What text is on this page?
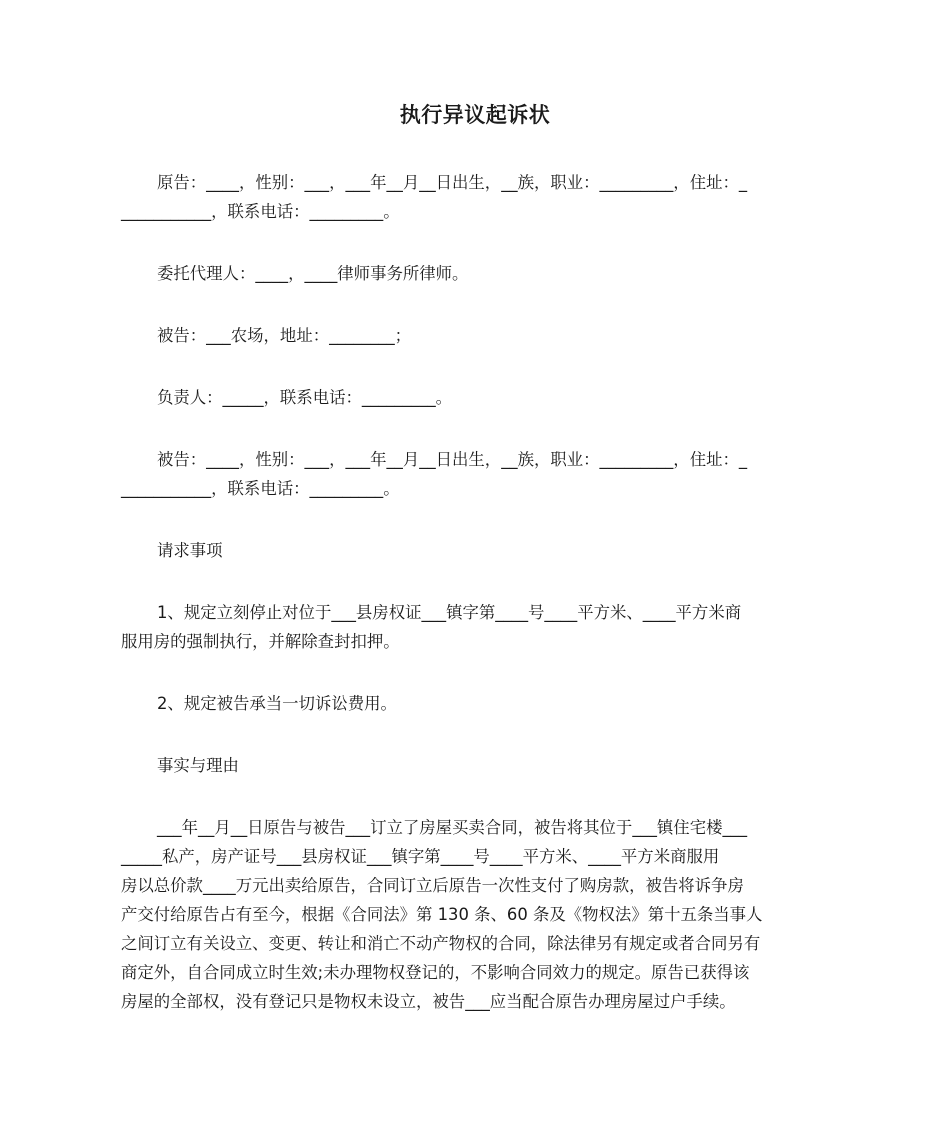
执行异议起诉状

原告：____，性别：___，___年__月__日出生，__族，职业：_________，住址：_
___________，联系电话：_________。

委托代理人：____，____律师事务所律师。

被告：___农场，地址：________；

负责人：_____，联系电话：_________。

被告：____，性别：___，___年__月__日出生，__族，职业：_________，住址：_
___________，联系电话：_________。

请求事项

1、规定立刻停止对位于___县房权证___镇字第____号____平方米、____平方米商
服用房的强制执行，并解除查封扣押。

2、规定被告承当一切诉讼费用。

事实与理由

___年__月__日原告与被告___订立了房屋买卖合同，被告将其位于___镇住宅楼___
_____私产，房产证号___县房权证___镇字第____号____平方米、____平方米商服用
房以总价款____万元出卖给原告，合同订立后原告一次性支付了购房款，被告将诉争房
产交付给原告占有至今，根据《合同法》第 130 条、60 条及《物权法》第十五条当事人
之间订立有关设立、变更、转让和消亡不动产物权的合同，除法律另有规定或者合同另有
商定外，自合同成立时生效;未办理物权登记的，不影响合同效力的规定。原告已获得该
房屋的全部权，没有登记只是物权未设立，被告___应当配合原告办理房屋过户手续。
